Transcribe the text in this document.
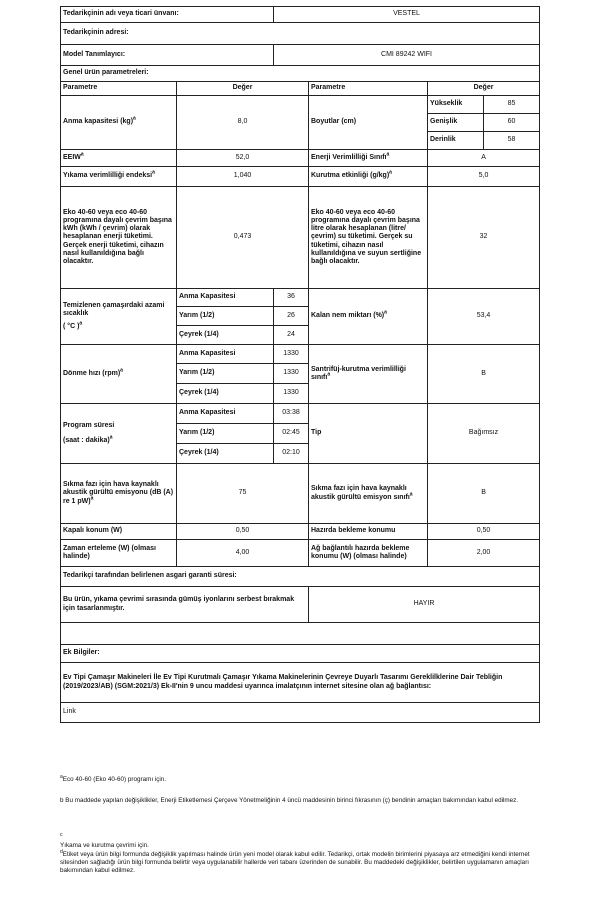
Tedarikçinin adı veya ticari ünvanı:		VESTEL			
Tedarikçinin adresi:					
Model Tanımlayıcı:		CMI 89242 WIFI			
Genel ürün parametreleri:					
Parametre	Değer		Parametre	Değer	
Anma kapasitesi (kg)$^a$	8,0		Boyutlar (cm)	Yükseklik	85
				Genişlik	60
				Derinlik	58
EEIW$^a$	52,0		Enerji Verimlilliği Sınıfı$^a$	A	
Yıkama verimlilliği endeksi$^a$	1,040		Kurutma etkinliği $(g/kg)^a$	5,0	
Eko 40-60 veya eco 40-60 programına dayalı çevrim başına kWh (kWh / çevrim) olarak hesaplanan enerji tüketimi. Gerçek enerji tüketimi, cihazın nasıl kullanıldığına bağlı olacaktır.	0,473		Eko 40-60 veya eco 40-60 programına dayalı çevrim başına litre olarak hesaplanan (litre/ çevrim) su tüketimi. Gerçek su tüketimi, cihazın nasıl kullanıldığına ve suyun sertliğine bağlı olacaktır.	32	

Temizlenen çamaşırdaki azami sıcaklık
( °C )$^a$	Anma Kapasitesi	36	Kalan nem miktarı (%)$^a$	53,4	
	Yarım (1/2)	26			
	Çeyrek (1/4)	24			
Dönme hızı (rpm)$^a$	Anma Kapasitesi	1330	Santrifüj-kurutma verimlilliği sınıfı$^a$	B	
	Yarım (1/2)	1330			
	Çeyrek (1/4)	1330			

Program süresi
(saat : dakika)$^a$	Anma Kapasitesi	03:38	Tip	Bağımsız	
	Yarım (1/2)	02:45			
	Çeyrek (1/4)	02:10			
Sıkma fazı için hava kaynaklı akustik gürültü emisyonu (dB (A) re 1 pW)$^a$	75		Sıkma fazı için hava kaynaklı akustik gürültü emisyon sınıfı$^a$	B	
Kapalı konum (W)	0,50		Hazırda bekleme konumu	0,50	
Zaman erteleme (W) (olması halinde)	4,00		Ağ bağlantılı hazırda bekleme konumu (W) (olması halinde)	2,00	
Tedarikçi tarafından belirlenen asgari garanti süresi:					
Bu ürün, yıkama çevrimi sırasında gümüş iyonlarını serbest bırakmak için tasarlanmıştır.			HAYIR		

Ek Bilgiler:					
Ev Tipi Çamaşır Makineleri İle Ev Tipi Kurutmalı Çamaşır Yıkama Makinelerinin Çevreye Duyarlı Tasarımı Gereklilklerine Dair Tebliğin (2019/2023/AB) (SGM:2021/3) Ek-II'nin 9 uncu maddesi uyarınca imalatçının internet sitesine olan ağ bağlantısı:					
Link					
$^a$Eco 40-60 (Eko 40-60) programı için.
b Bu maddede yapılan değişiklikler, Enerji Etiketlemesi Çerçeve Yönetmeliğinin 4 üncü maddesinin birinci fıkrasının (ç) bendinin amaçları bakımından kabul edilmez.
$^c$
Yıkama ve kurutma çevrimi için.
$^d$Etiket veya ürün bilgi formunda değişiklik yapılması halinde ürün yeni model olarak kabul edilir. Tedarikçi, ortak modelin birimlerini piyasaya arz etmediğini kendi internet sitesinden sağladığı ürün bilgi formunda belirtir veya uygulanabilir hallerde veri tabanı üzerinden de sunabilir. Bu maddedeki değişiklikler, belirtilen uygulamanın amaçları bakımından kabul edilmez.
